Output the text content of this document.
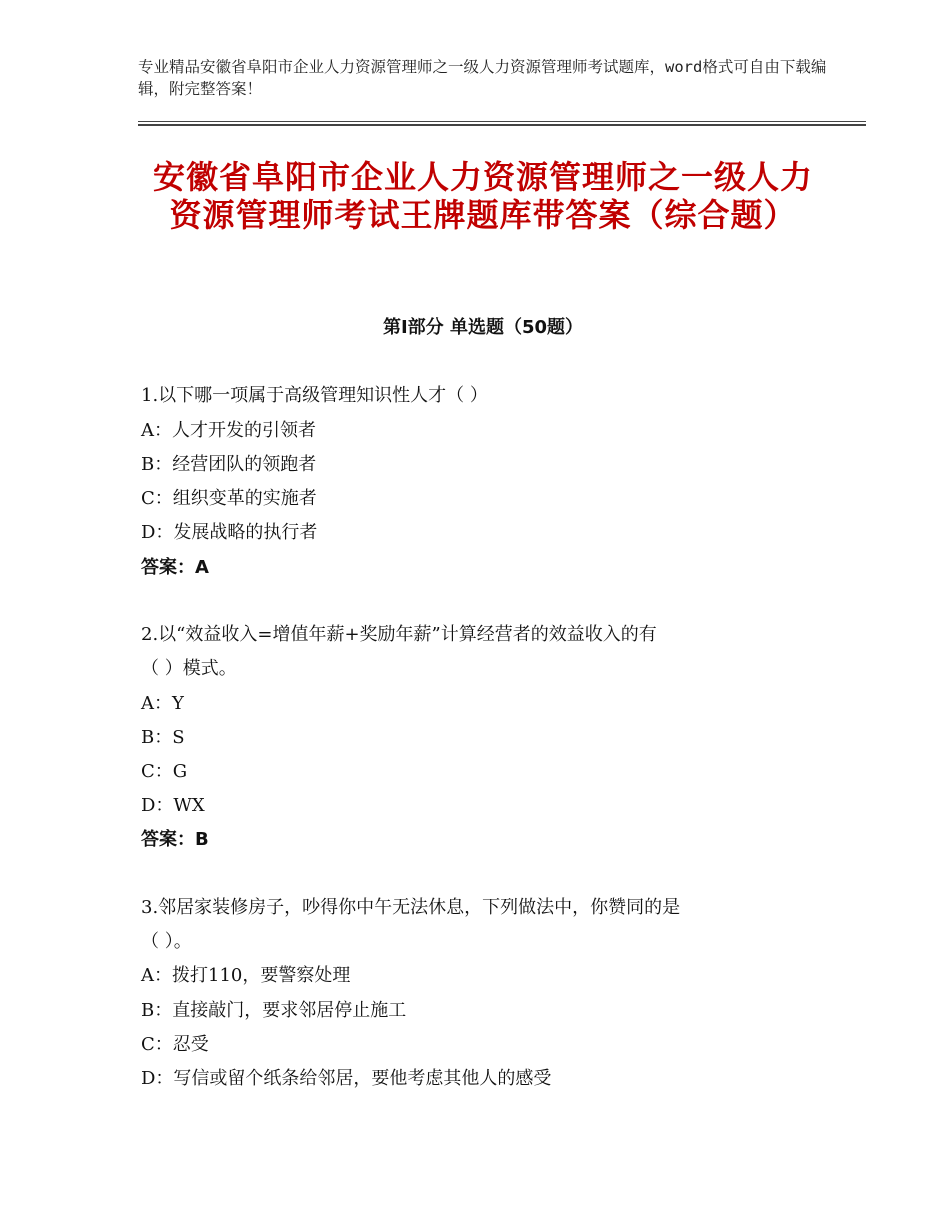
专业精品安徽省阜阳市企业人力资源管理师之一级人力资源管理师考试题库，word格式可自由下载编辑，附完整答案！
安徽省阜阳市企业人力资源管理师之一级人力资源管理师考试王牌题库带答案（综合题）
第Ⅰ部分 单选题（50题）
1.以下哪一项属于高级管理知识性人才（ ）
A：人才开发的引领者
B：经营团队的领跑者
C：组织变革的实施者
D：发展战略的执行者
答案：A
2.以“效益收入=增值年薪+奖励年薪”计算经营者的效益收入的有
（ ）模式。
A：Y
B：S
C：G
D：WX
答案：B
3.邻居家装修房子，吵得你中午无法休息，下列做法中，你赞同的是
（ ）。
A：拨打110，要警察处理
B：直接敲门，要求邻居停止施工
C：忍受
D：写信或留个纸条给邻居，要他考虑其他人的感受
